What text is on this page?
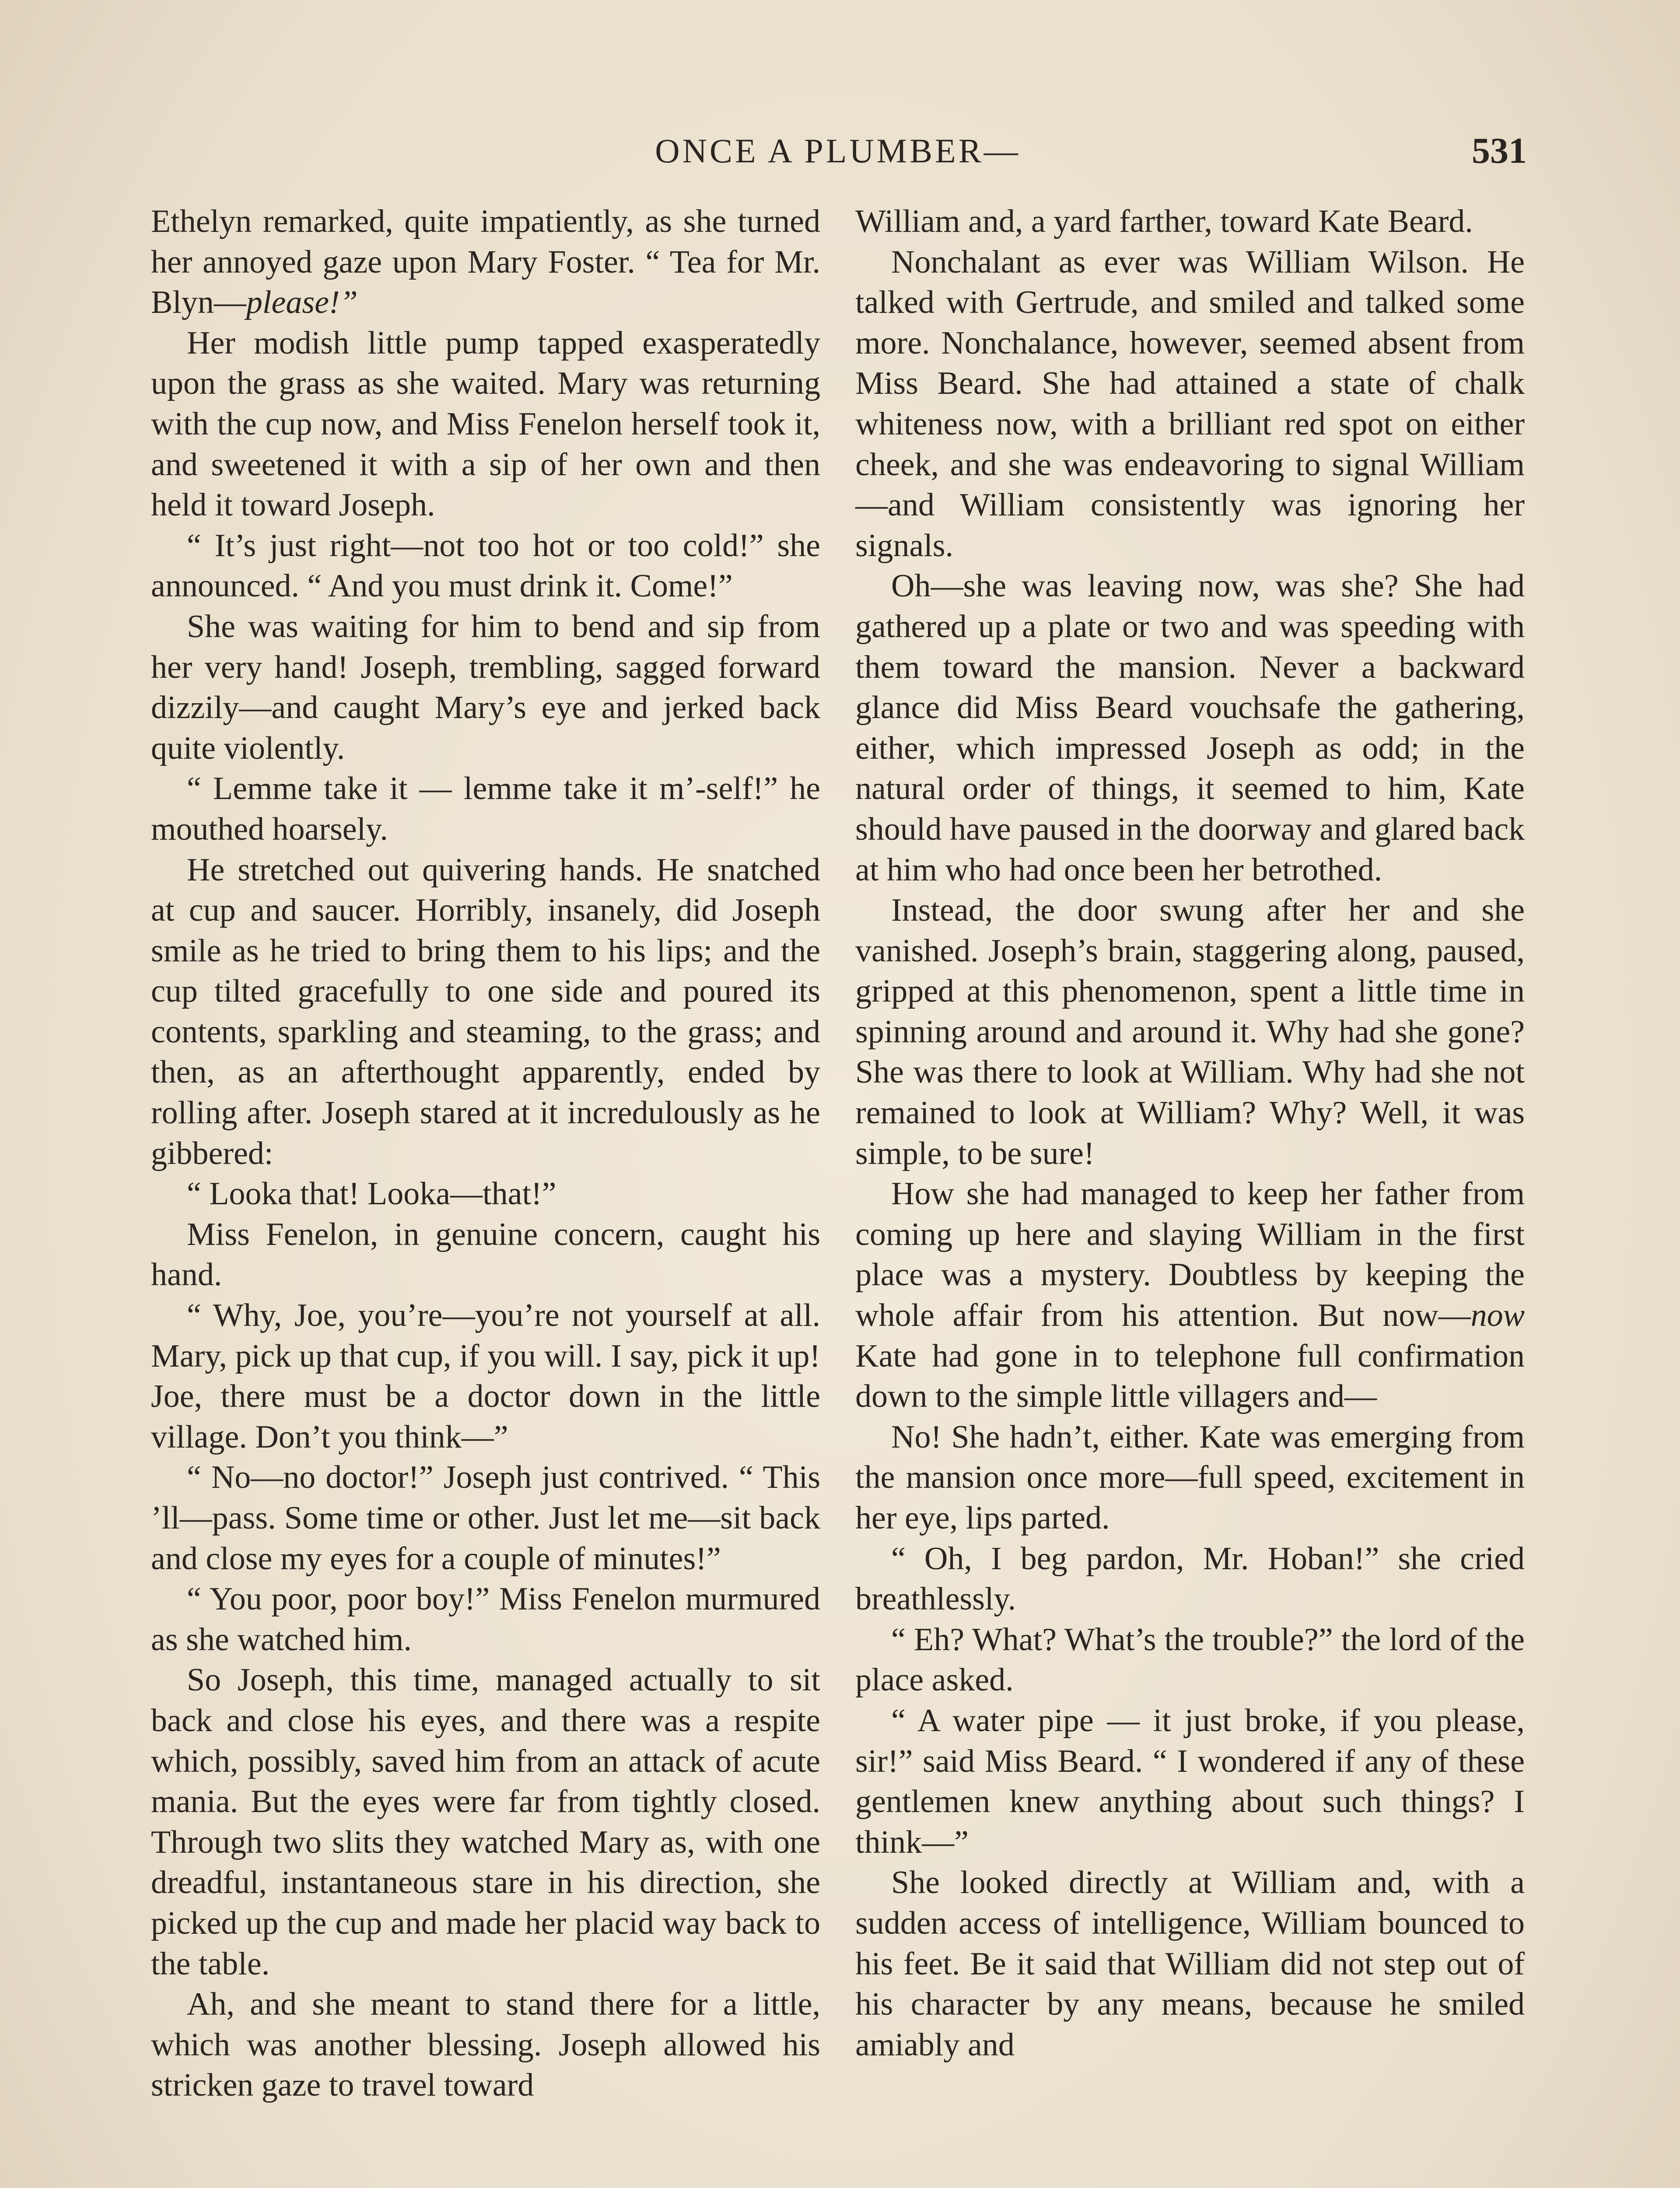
ONCE A PLUMBER—	531

Ethelyn remarked, quite impatiently, as she turned her annoyed gaze upon Mary Foster. “ Tea for Mr. Blyn—please!”

Her modish little pump tapped exasperatedly upon the grass as she waited. Mary was returning with the cup now, and Miss Fenelon herself took it, and sweetened it with a sip of her own and then held it toward Joseph.

“ It’s just right—not too hot or too cold!” she announced. “ And you must drink it. Come!”

She was waiting for him to bend and sip from her very hand! Joseph, trembling, sagged forward dizzily—and caught Mary’s eye and jerked back quite violently.

“ Lemme take it — lemme take it m’-self!” he mouthed hoarsely.

He stretched out quivering hands. He snatched at cup and saucer. Horribly, insanely, did Joseph smile as he tried to bring them to his lips; and the cup tilted gracefully to one side and poured its contents, sparkling and steaming, to the grass; and then, as an afterthought apparently, ended by rolling after. Joseph stared at it incredulously as he gibbered:

“ Looka that! Looka—that!”

Miss Fenelon, in genuine concern, caught his hand.

“ Why, Joe, you’re—you’re not yourself at all. Mary, pick up that cup, if you will. I say, pick it up! Joe, there must be a doctor down in the little village. Don’t you think—”

“ No—no doctor!” Joseph just contrived. “ This ’ll—pass. Some time or other. Just let me—sit back and close my eyes for a couple of minutes!”

“ You poor, poor boy!” Miss Fenelon murmured as she watched him.

So Joseph, this time, managed actually to sit back and close his eyes, and there was a respite which, possibly, saved him from an attack of acute mania. But the eyes were far from tightly closed. Through two slits they watched Mary as, with one dreadful, instantaneous stare in his direction, she picked up the cup and made her placid way back to the table.

Ah, and she meant to stand there for a little, which was another blessing. Joseph allowed his stricken gaze to travel toward

William and, a yard farther, toward Kate Beard.

Nonchalant as ever was William Wilson. He talked with Gertrude, and smiled and talked some more. Nonchalance, however, seemed absent from Miss Beard. She had attained a state of chalk whiteness now, with a brilliant red spot on either cheek, and she was endeavoring to signal William —and William consistently was ignoring her signals.

Oh—she was leaving now, was she? She had gathered up a plate or two and was speeding with them toward the mansion. Never a backward glance did Miss Beard vouchsafe the gathering, either, which impressed Joseph as odd; in the natural order of things, it seemed to him, Kate should have paused in the doorway and glared back at him who had once been her betrothed.

Instead, the door swung after her and she vanished. Joseph’s brain, staggering along, paused, gripped at this phenomenon, spent a little time in spinning around and around it. Why had she gone? She was there to look at William. Why had she not remained to look at William? Why? Well, it was simple, to be sure!

How she had managed to keep her father from coming up here and slaying William in the first place was a mystery. Doubtless by keeping the whole affair from his attention. But now—now Kate had gone in to telephone full confirmation down to the simple little villagers and—

No! She hadn’t, either. Kate was emerging from the mansion once more—full speed, excitement in her eye, lips parted.

“ Oh, I beg pardon, Mr. Hoban!” she cried breathlessly.

“ Eh? What? What’s the trouble?” the lord of the place asked.

“ A water pipe — it just broke, if you please, sir!” said Miss Beard. “ I wondered if any of these gentlemen knew anything about such things? I think—”

She looked directly at William and, with a sudden access of intelligence, William bounced to his feet. Be it said that William did not step out of his character by any means, because he smiled amiably and
